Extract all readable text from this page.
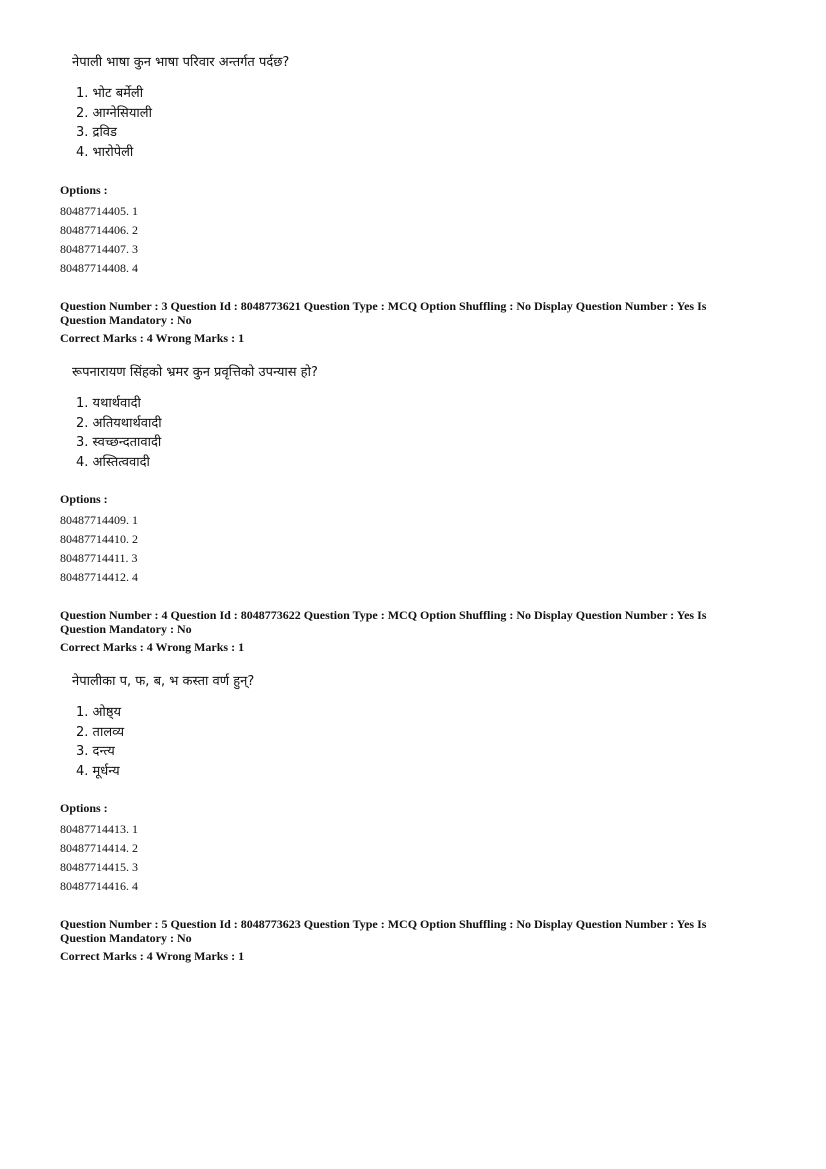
नेपाली भाषा कुन भाषा परिवार अन्तर्गत पर्दछ?
1. भोट बर्मेली
2. आग्नेसियाली
3. द्रविड
4. भारोपेली
Options :
80487714405. 1
80487714406. 2
80487714407. 3
80487714408. 4
Question Number : 3 Question Id : 8048773621 Question Type : MCQ Option Shuffling : No Display Question Number : Yes Is
Question Mandatory : No
Correct Marks : 4 Wrong Marks : 1
रूपनारायण सिंहको भ्रमर कुन प्रवृत्तिको उपन्यास हो?
1. यथार्थवादी
2. अतियथार्थवादी
3. स्वच्छन्दतावादी
4. अस्तित्ववादी
Options :
80487714409. 1
80487714410. 2
80487714411. 3
80487714412. 4
Question Number : 4 Question Id : 8048773622 Question Type : MCQ Option Shuffling : No Display Question Number : Yes Is
Question Mandatory : No
Correct Marks : 4 Wrong Marks : 1
नेपालीका प, फ, ब, भ कस्ता वर्ण हुन्?
1. ओष्ठ्य
2. तालव्य
3. दन्त्य
4. मूर्धन्य
Options :
80487714413. 1
80487714414. 2
80487714415. 3
80487714416. 4
Question Number : 5 Question Id : 8048773623 Question Type : MCQ Option Shuffling : No Display Question Number : Yes Is
Question Mandatory : No
Correct Marks : 4 Wrong Marks : 1
